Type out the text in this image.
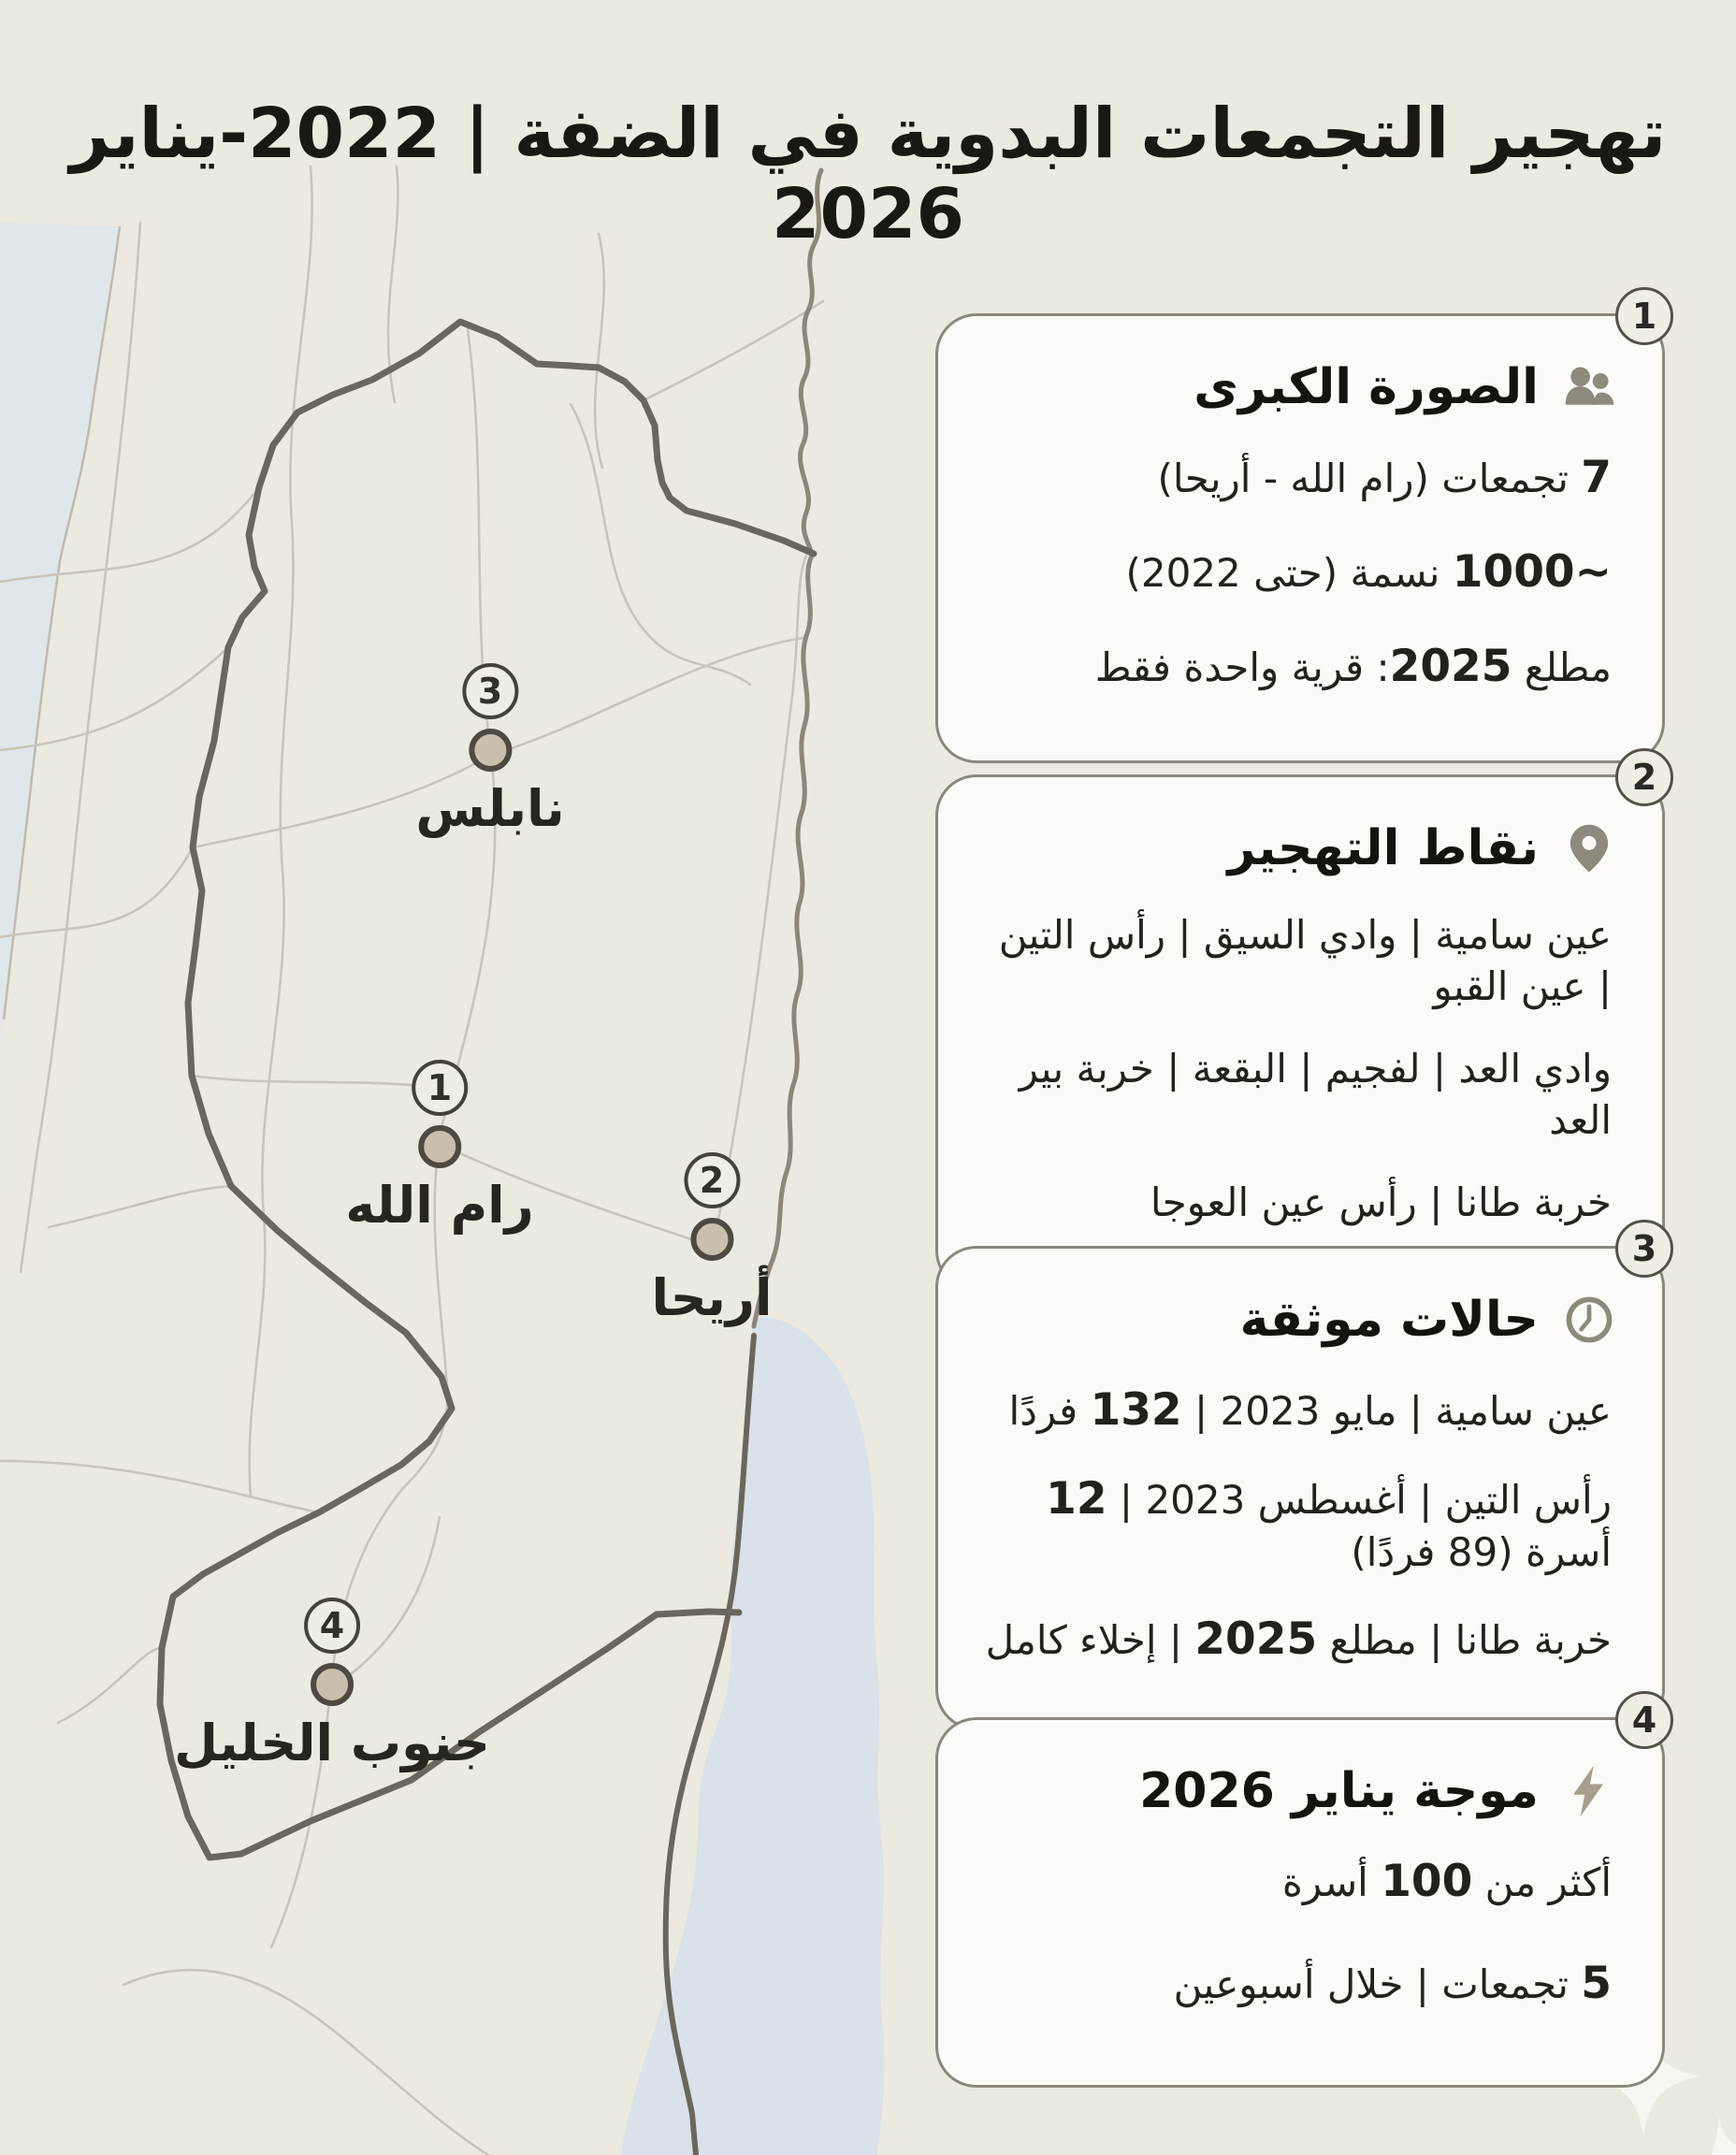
تهجير التجمعات البدوية في الضفة | 2022-يناير 2026
3
نابلس
1
رام الله	2
أريحا
4
جنوب الخليل
1
الصورة الكبرى

7 تجمعات (رام الله - أريحا)

~1000 نسمة (حتى 2022)

مطلع 2025: قرية واحدة فقط

2
نقاط التهجير

عين سامية | وادي السيق | رأس التين | عين القبو

وادي العد | لفجيم | البقعة | خربة بير العد

خربة طانا | رأس عين العوجا

3
حالات موثقة

عين سامية | مايو 2023 | 132 فردًا

رأس التين | أغسطس 2023 | 12 أسرة (89 فردًا)

خربة طانا | مطلع 2025 | إخلاء كامل

4
موجة يناير 2026

أكثر من 100 أسرة

5 تجمعات | خلال أسبوعين
